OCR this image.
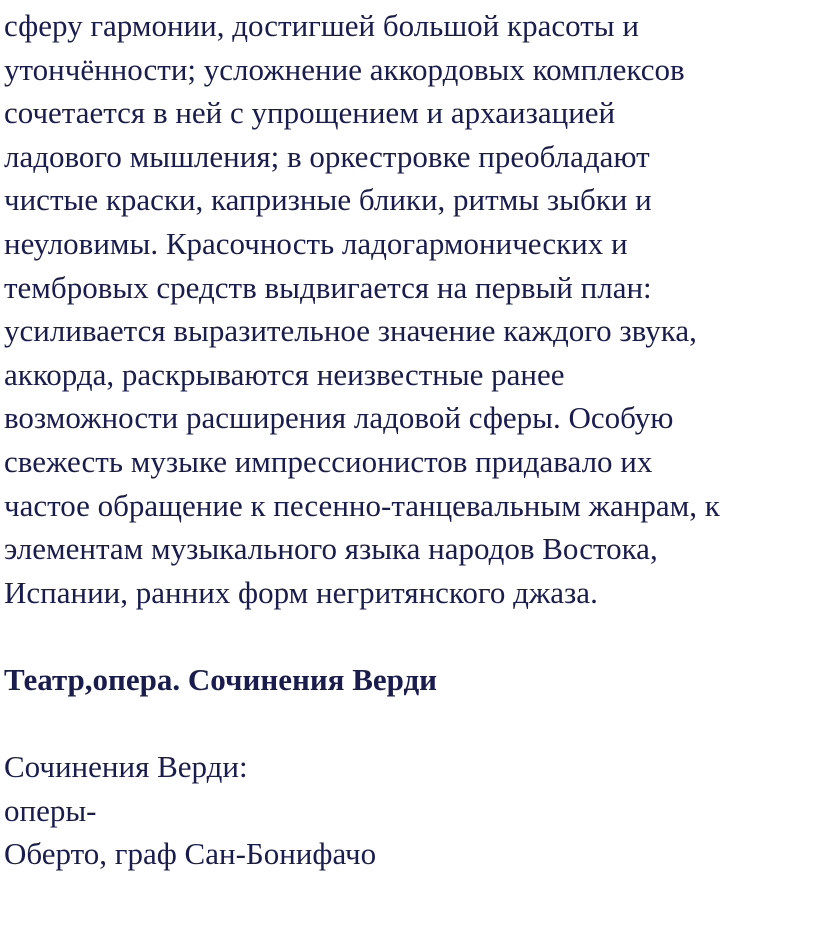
сферу гармонии, достигшей большой красоты и
утончённости; усложнение аккордовых комплексов
сочетается в ней с упрощением и архаизацией
ладового мышления; в оркестровке преобладают
чистые краски, капризные блики, ритмы зыбки и
неуловимы. Красочность ладогармонических и
тембровых средств выдвигается на первый план:
усиливается выразительное значение каждого звука,
аккорда, раскрываются неизвестные ранее
возможности расширения ладовой сферы. Особую
свежесть музыке импрессионистов придавало их
частое обращение к песенно-танцевальным жанрам, к
элементам музыкального языка народов Востока,
Испании, ранних форм негритянского джаза.
Театр,опера. Сочинения Верди
Сочинения Верди:
оперы-
Оберто, граф Сан-Бонифачо
